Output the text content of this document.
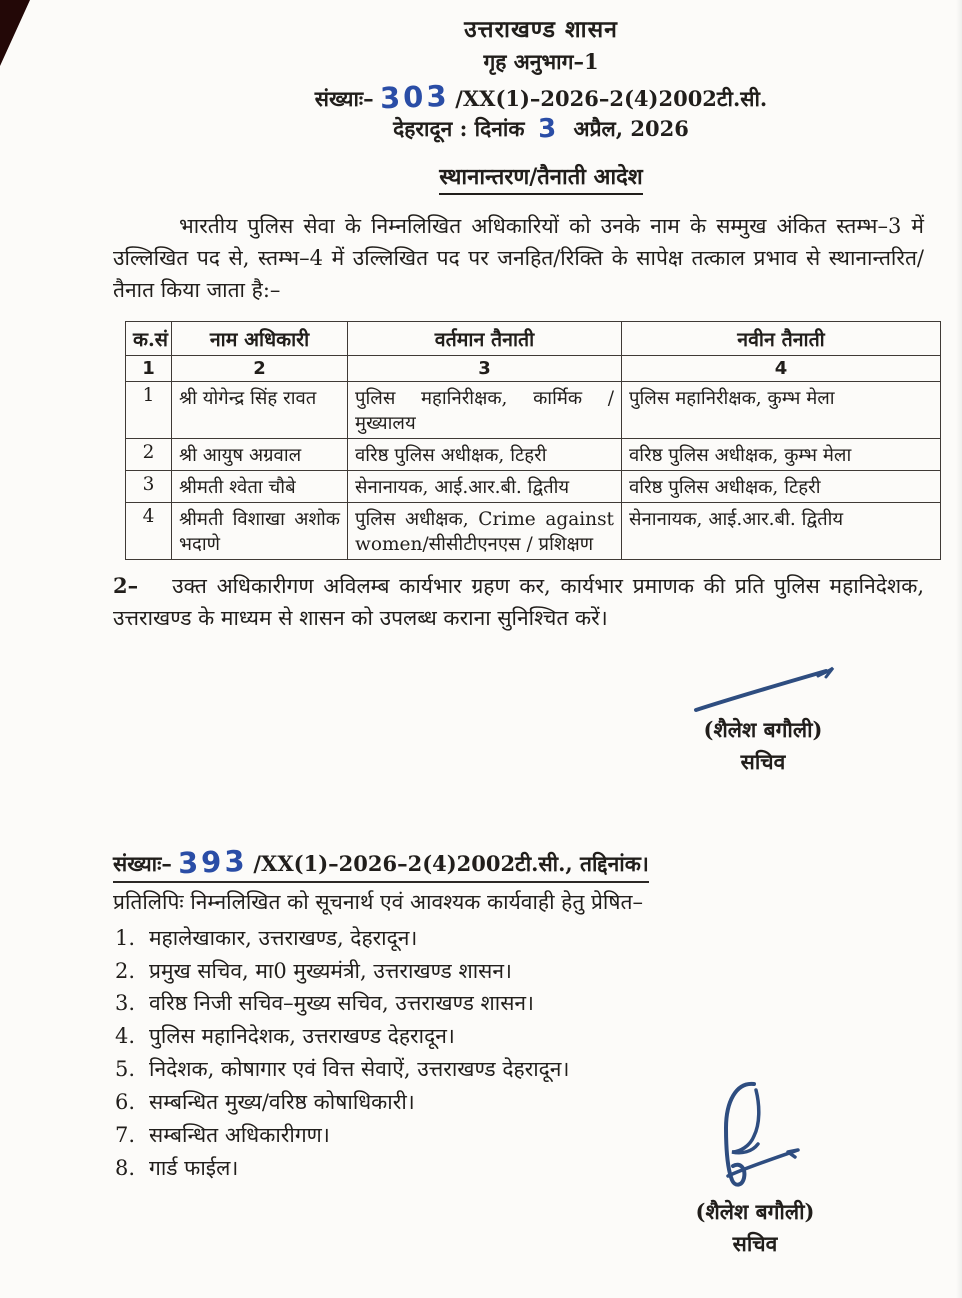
उत्तराखण्ड शासन
गृह अनुभाग–1
संख्याः– 303 /XX(1)–2026–2(4)2002टी.सी.
देहरादून : दिनांक 3 अप्रैल, 2026
स्थानान्तरण/तैनाती आदेश

भारतीय पुलिस सेवा के निम्नलिखित अधिकारियों को उनके नाम के सम्मुख अंकित स्तम्भ–3 में उल्लिखित पद से, स्तम्भ–4 में उल्लिखित पद पर जनहित/रिक्ति के सापेक्ष तत्काल प्रभाव से स्थानान्तरित/तैनात किया जाता है:–

क.सं	नाम अधिकारी	वर्तमान तैनाती	नवीन तैनाती
1	2	3	4
1	श्री योगेन्द्र सिंह रावत	पुलिस महानिरीक्षक, कार्मिक /मुख्यालय	पुलिस महानिरीक्षक, कुम्भ मेला
2	श्री आयुष अग्रवाल	वरिष्ठ पुलिस अधीक्षक, टिहरी	वरिष्ठ पुलिस अधीक्षक, कुम्भ मेला
3	श्रीमती श्वेता चौबे	सेनानायक, आई.आर.बी. द्वितीय	वरिष्ठ पुलिस अधीक्षक, टिहरी
4	श्रीमती विशाखा अशोक भदाणे	पुलिस अधीक्षक, Crime against women/सीसीटीएनएस / प्रशिक्षण	सेनानायक, आई.आर.बी. द्वितीय

2– उक्त अधिकारीगण अविलम्ब कार्यभार ग्रहण कर, कार्यभार प्रमाणक की प्रति पुलिस महानिदेशक, उत्तराखण्ड के माध्यम से शासन को उपलब्ध कराना सुनिश्चित करें।

(शैलेश बगौली)
सचिव
संख्याः– 393 /XX(1)–2026–2(4)2002टी.सी., तद्दिनांक।
प्रतिलिपिः निम्नलिखित को सूचनार्थ एवं आवश्यक कार्यवाही हेतु प्रेषित–
1. महालेखाकार, उत्तराखण्ड, देहरादून।
2. प्रमुख सचिव, मा0 मुख्यमंत्री, उत्तराखण्ड शासन।
3. वरिष्ठ निजी सचिव–मुख्य सचिव, उत्तराखण्ड शासन।
4. पुलिस महानिदेशक, उत्तराखण्ड देहरादून।
5. निदेशक, कोषागार एवं वित्त सेवाऐं, उत्तराखण्ड देहरादून।
6. सम्बन्धित मुख्य/वरिष्ठ कोषाधिकारी।
7. सम्बन्धित अधिकारीगण।
8. गार्ड फाईल।
(शैलेश बगौली)
सचिव
